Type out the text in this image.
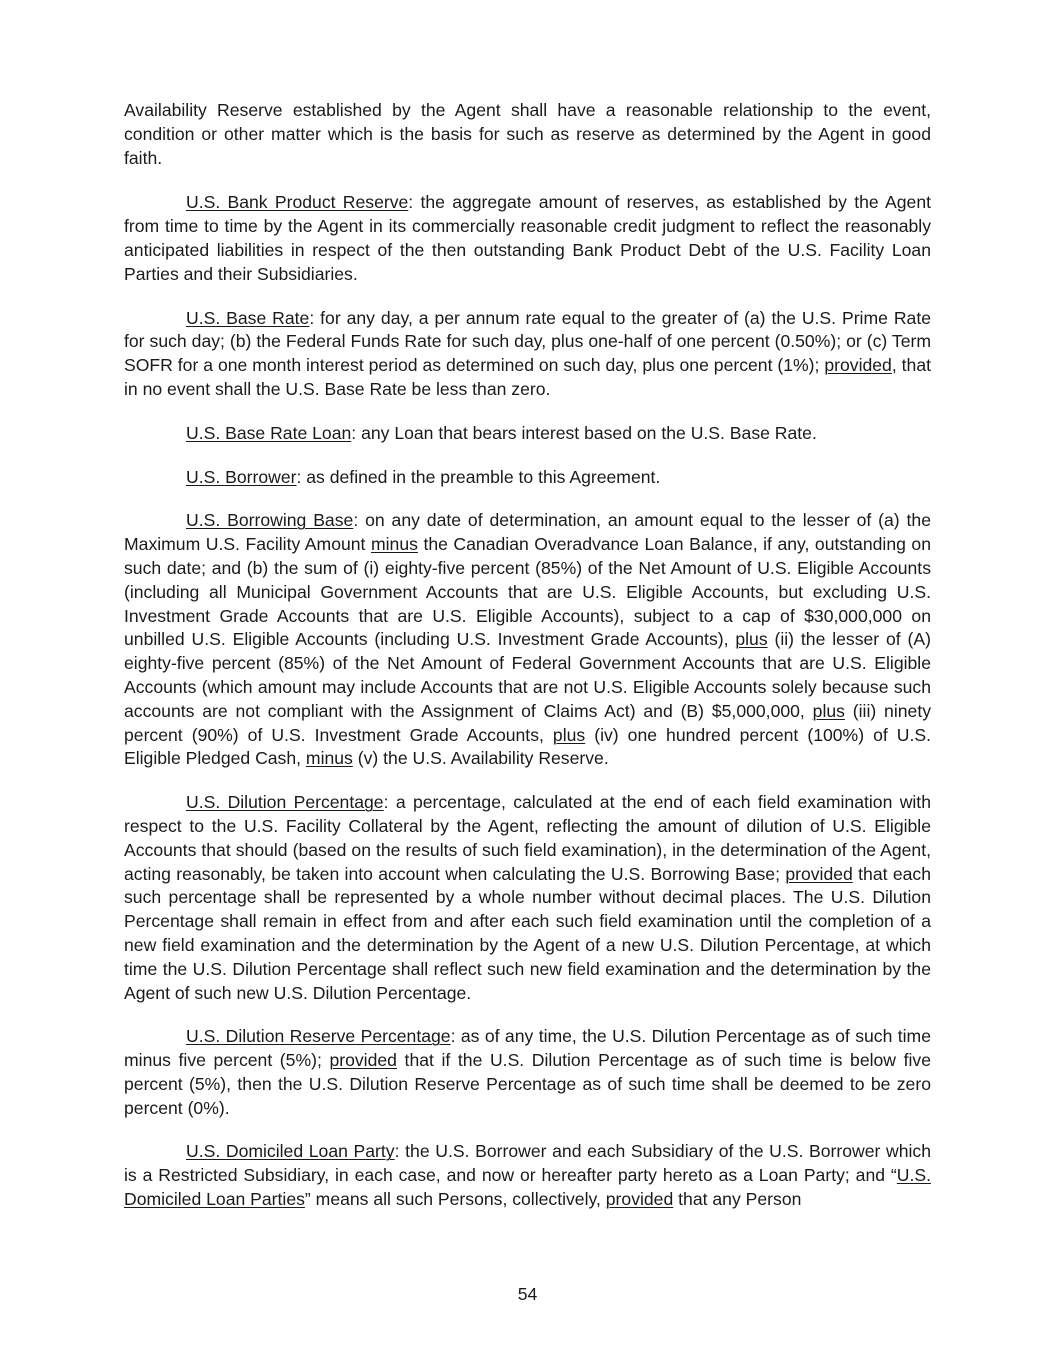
Availability Reserve established by the Agent shall have a reasonable relationship to the event, condition or other matter which is the basis for such as reserve as determined by the Agent in good faith.

U.S. Bank Product Reserve: the aggregate amount of reserves, as established by the Agent from time to time by the Agent in its commercially reasonable credit judgment to reflect the reasonably anticipated liabilities in respect of the then outstanding Bank Product Debt of the U.S. Facility Loan Parties and their Subsidiaries.

U.S. Base Rate: for any day, a per annum rate equal to the greater of (a) the U.S. Prime Rate for such day; (b) the Federal Funds Rate for such day, plus one-half of one percent (0.50%); or (c) Term SOFR for a one month interest period as determined on such day, plus one percent (1%); provided, that in no event shall the U.S. Base Rate be less than zero.

U.S. Base Rate Loan: any Loan that bears interest based on the U.S. Base Rate.

U.S. Borrower: as defined in the preamble to this Agreement.

U.S. Borrowing Base: on any date of determination, an amount equal to the lesser of (a) the Maximum U.S. Facility Amount minus the Canadian Overadvance Loan Balance, if any, outstanding on such date; and (b) the sum of (i) eighty-five percent (85%) of the Net Amount of U.S. Eligible Accounts (including all Municipal Government Accounts that are U.S. Eligible Accounts, but excluding U.S. Investment Grade Accounts that are U.S. Eligible Accounts), subject to a cap of $30,000,000 on unbilled U.S. Eligible Accounts (including U.S. Investment Grade Accounts), plus (ii) the lesser of (A) eighty-five percent (85%) of the Net Amount of Federal Government Accounts that are U.S. Eligible Accounts (which amount may include Accounts that are not U.S. Eligible Accounts solely because such accounts are not compliant with the Assignment of Claims Act) and (B) $5,000,000, plus (iii) ninety percent (90%) of U.S. Investment Grade Accounts, plus (iv) one hundred percent (100%) of U.S. Eligible Pledged Cash, minus (v) the U.S. Availability Reserve.

U.S. Dilution Percentage: a percentage, calculated at the end of each field examination with respect to the U.S. Facility Collateral by the Agent, reflecting the amount of dilution of U.S. Eligible Accounts that should (based on the results of such field examination), in the determination of the Agent, acting reasonably, be taken into account when calculating the U.S. Borrowing Base; provided that each such percentage shall be represented by a whole number without decimal places. The U.S. Dilution Percentage shall remain in effect from and after each such field examination until the completion of a new field examination and the determination by the Agent of a new U.S. Dilution Percentage, at which time the U.S. Dilution Percentage shall reflect such new field examination and the determination by the Agent of such new U.S. Dilution Percentage.

U.S. Dilution Reserve Percentage: as of any time, the U.S. Dilution Percentage as of such time minus five percent (5%); provided that if the U.S. Dilution Percentage as of such time is below five percent (5%), then the U.S. Dilution Reserve Percentage as of such time shall be deemed to be zero percent (0%).

U.S. Domiciled Loan Party: the U.S. Borrower and each Subsidiary of the U.S. Borrower which is a Restricted Subsidiary, in each case, and now or hereafter party hereto as a Loan Party; and “U.S. Domiciled Loan Parties” means all such Persons, collectively, provided that any Person

54
